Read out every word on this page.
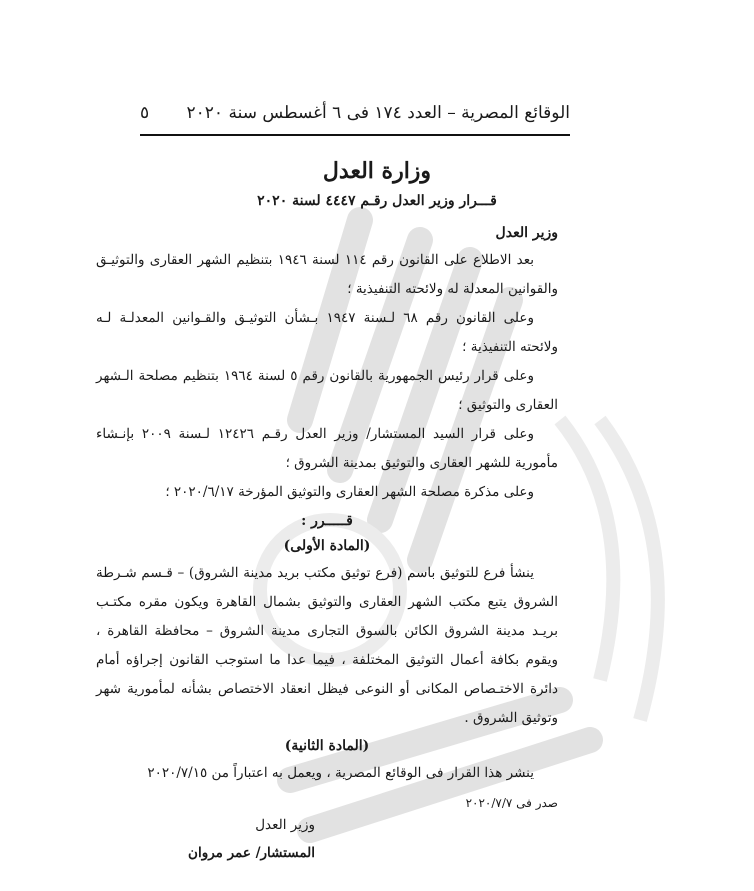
الوقائع المصرية – العدد ١٧٤ فى ٦ أغسطس سنة ٢٠٢٠
٥
وزارة العدل
قـــرار وزير العدل رقـم ٤٤٤٧ لسنة ٢٠٢٠

وزير العدل

بعد الاطلاع على القانون رقم ١١٤ لسنة ١٩٤٦ بتنظيم الشهر العقارى والتوثيـق والقوانين المعدلة له ولائحته التنفيذية ؛

وعلى القانون رقم ٦٨ لـسنة ١٩٤٧ بـشأن التوثيـق والقـوانين المعدلـة لـه ولائحته التنفيذية ؛

وعلى قرار رئيس الجمهورية بالقانون رقم ٥ لسنة ١٩٦٤ بتنظيم مصلحة الـشهر العقارى والتوثيق ؛

وعلى قرار السيد المستشار/ وزير العدل رقـم ١٢٤٢٦ لـسنة ٢٠٠٩ بإنـشاء مأمورية للشهر العقارى والتوثيق بمدينة الشروق ؛

وعلى مذكرة مصلحة الشهر العقارى والتوثيق المؤرخة ٢٠٢٠/٦/١٧ ؛

قـــــرر :

(المادة الأولى)

ينشأ فرع للتوثيق باسم (فرع توثيق مكتب بريد مدينة الشروق) – قـسم شـرطة الشروق يتبع مكتب الشهر العقارى والتوثيق بشمال القاهرة ويكون مقره مكتـب بريـد مدينة الشروق الكائن بالسوق التجارى مدينة الشروق – محافظة القاهرة ، ويقوم بكافة أعمال التوثيق المختلفة ، فيما عدا ما استوجب القانون إجراؤه أمام دائرة الاختـصاص المكانى أو النوعى فيظل انعقاد الاختصاص بشأنه لمأمورية شهر وتوثيق الشروق .

(المادة الثانية)

ينشر هذا القرار فى الوقائع المصرية ، ويعمل به اعتباراً من ٢٠٢٠/٧/١٥

صدر فى ٢٠٢٠/٧/٧

وزير العدل
المستشار/ عمر مروان
